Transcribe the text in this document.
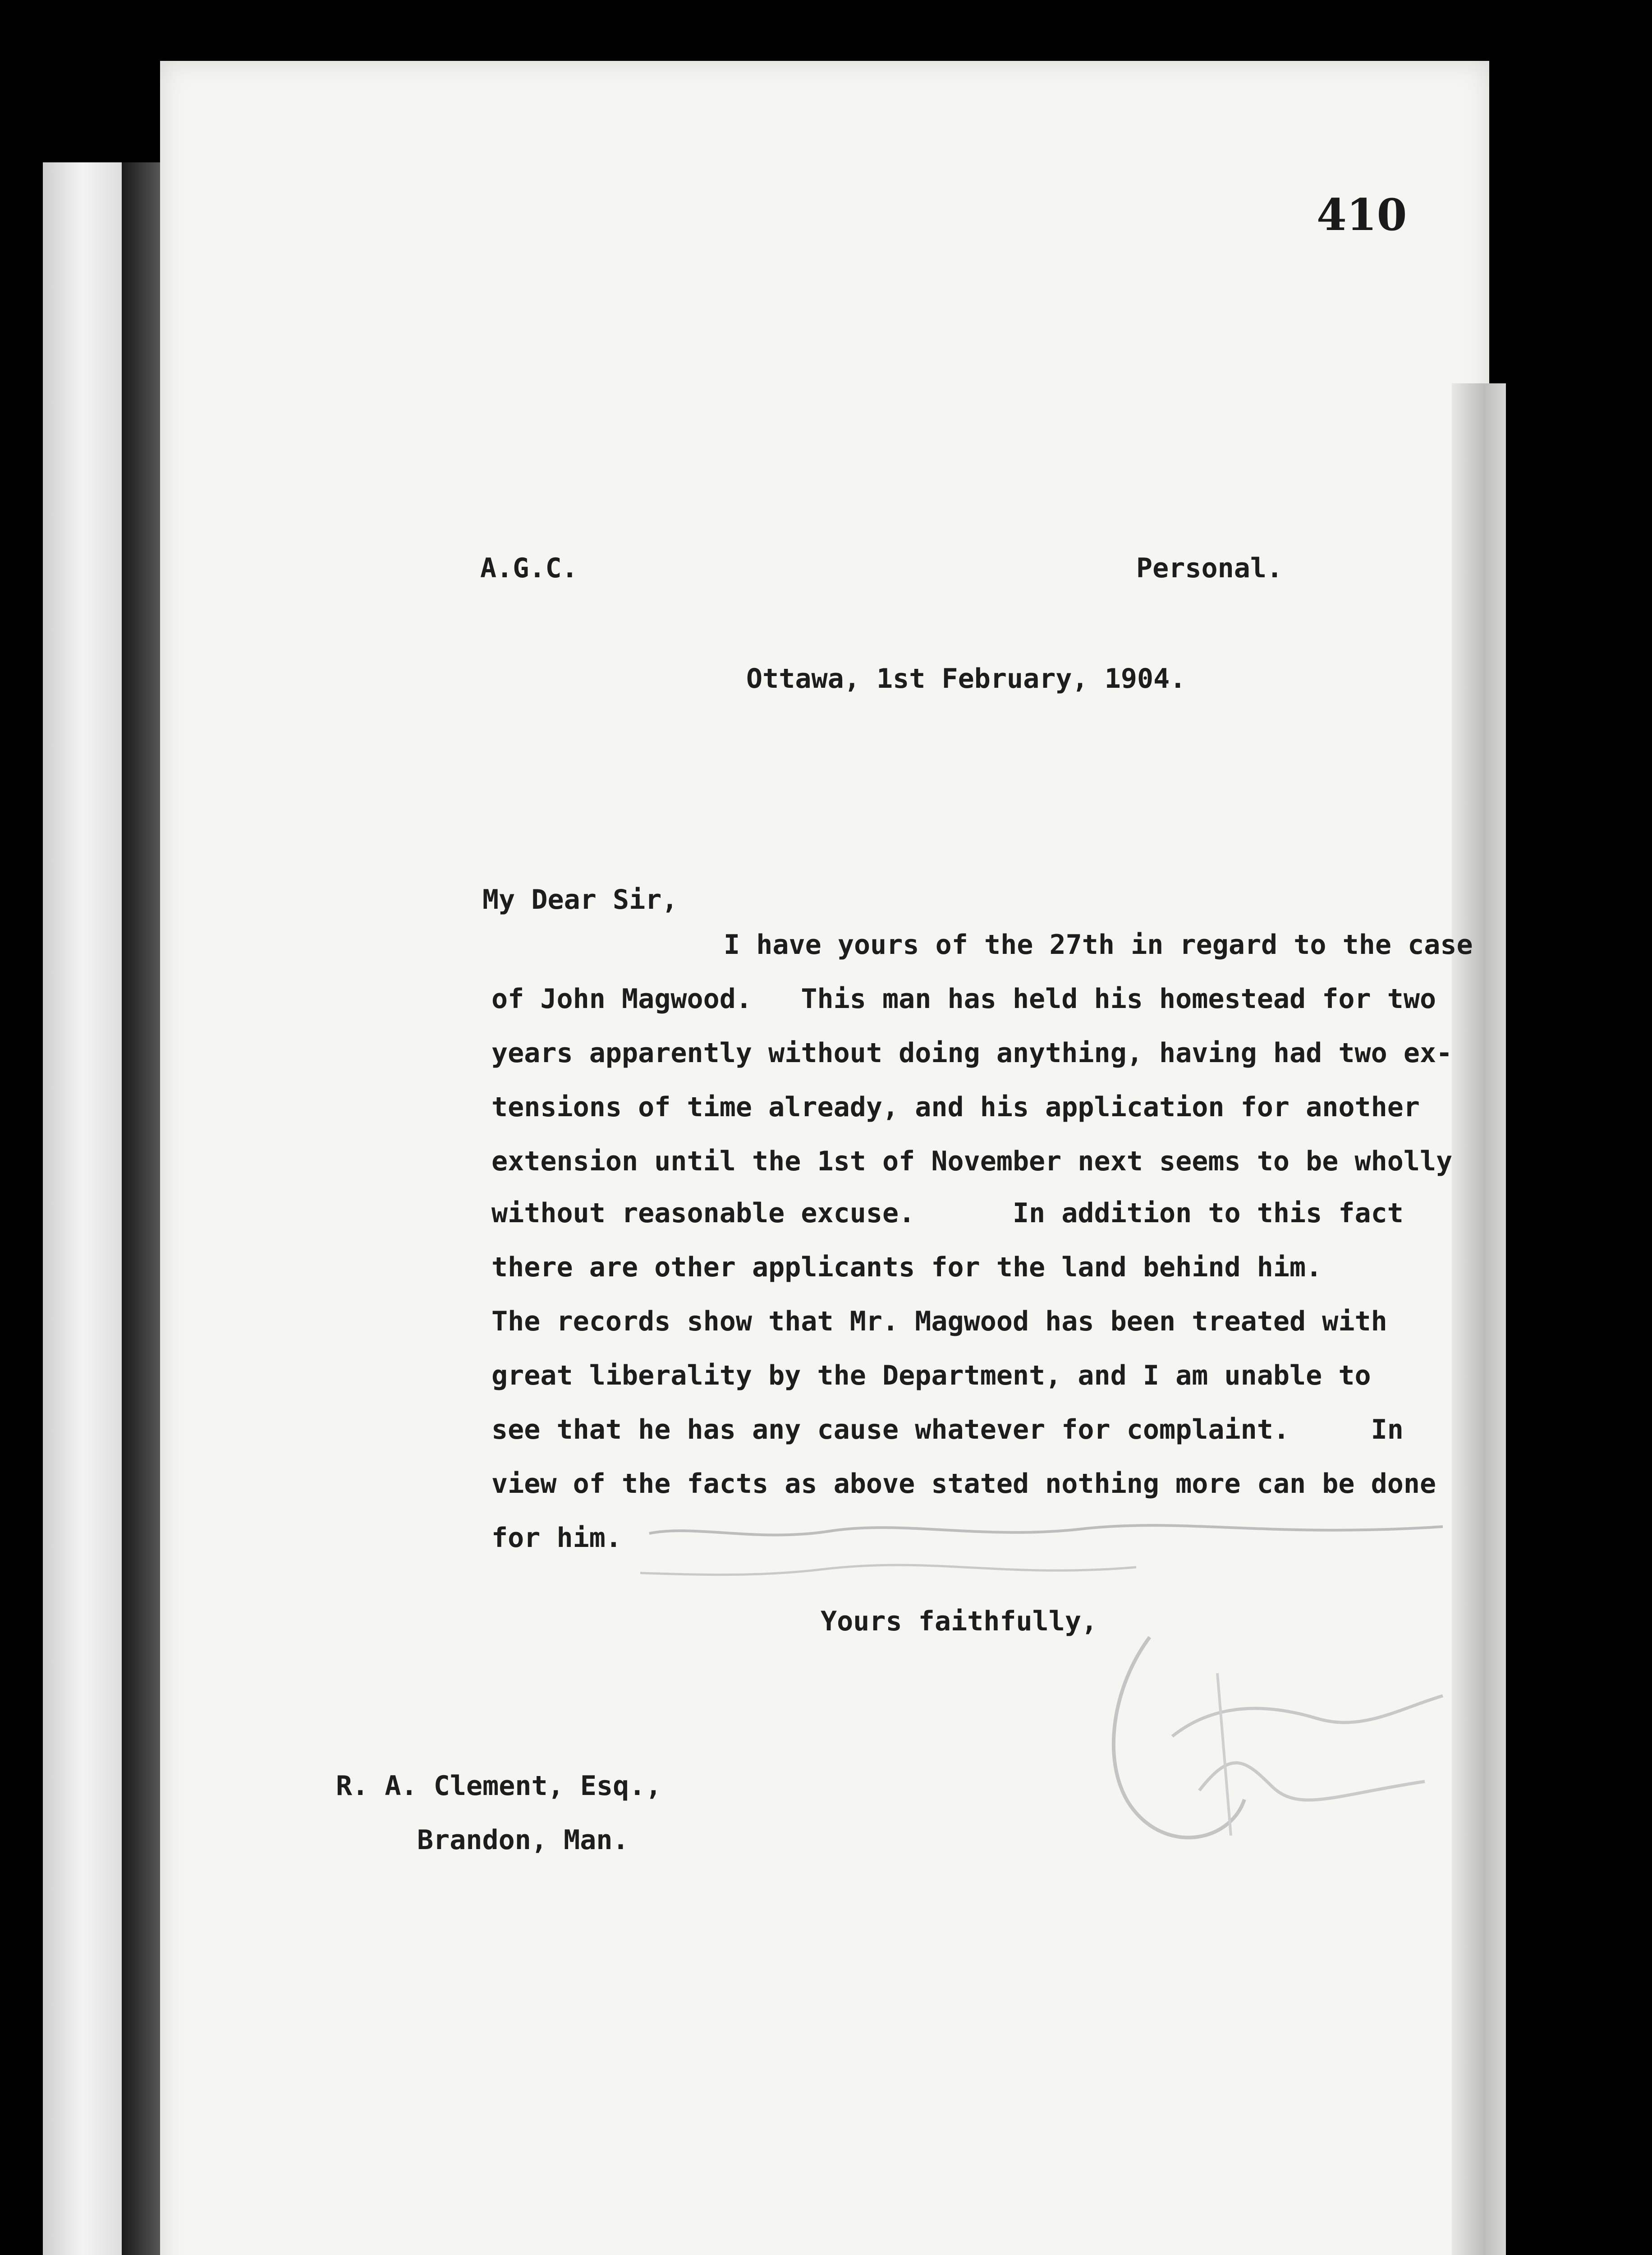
410
A.G.C.	Personal.
Ottawa, 1st February, 1904.
My Dear Sir,
I have yours of the 27th in regard to the case
of John Magwood.   This man has held his homestead for two
years apparently without doing anything, having had two ex-
tensions of time already, and his application for another
extension until the 1st of November next seems to be wholly
without reasonable excuse.      In addition to this fact
there are other applicants for the land behind him.
The records show that Mr. Magwood has been treated with
great liberality by the Department, and I am unable to
see that he has any cause whatever for complaint.     In
view of the facts as above stated nothing more can be done
for him.
Yours faithfully,
R. A. Clement, Esq.,
Brandon, Man.
